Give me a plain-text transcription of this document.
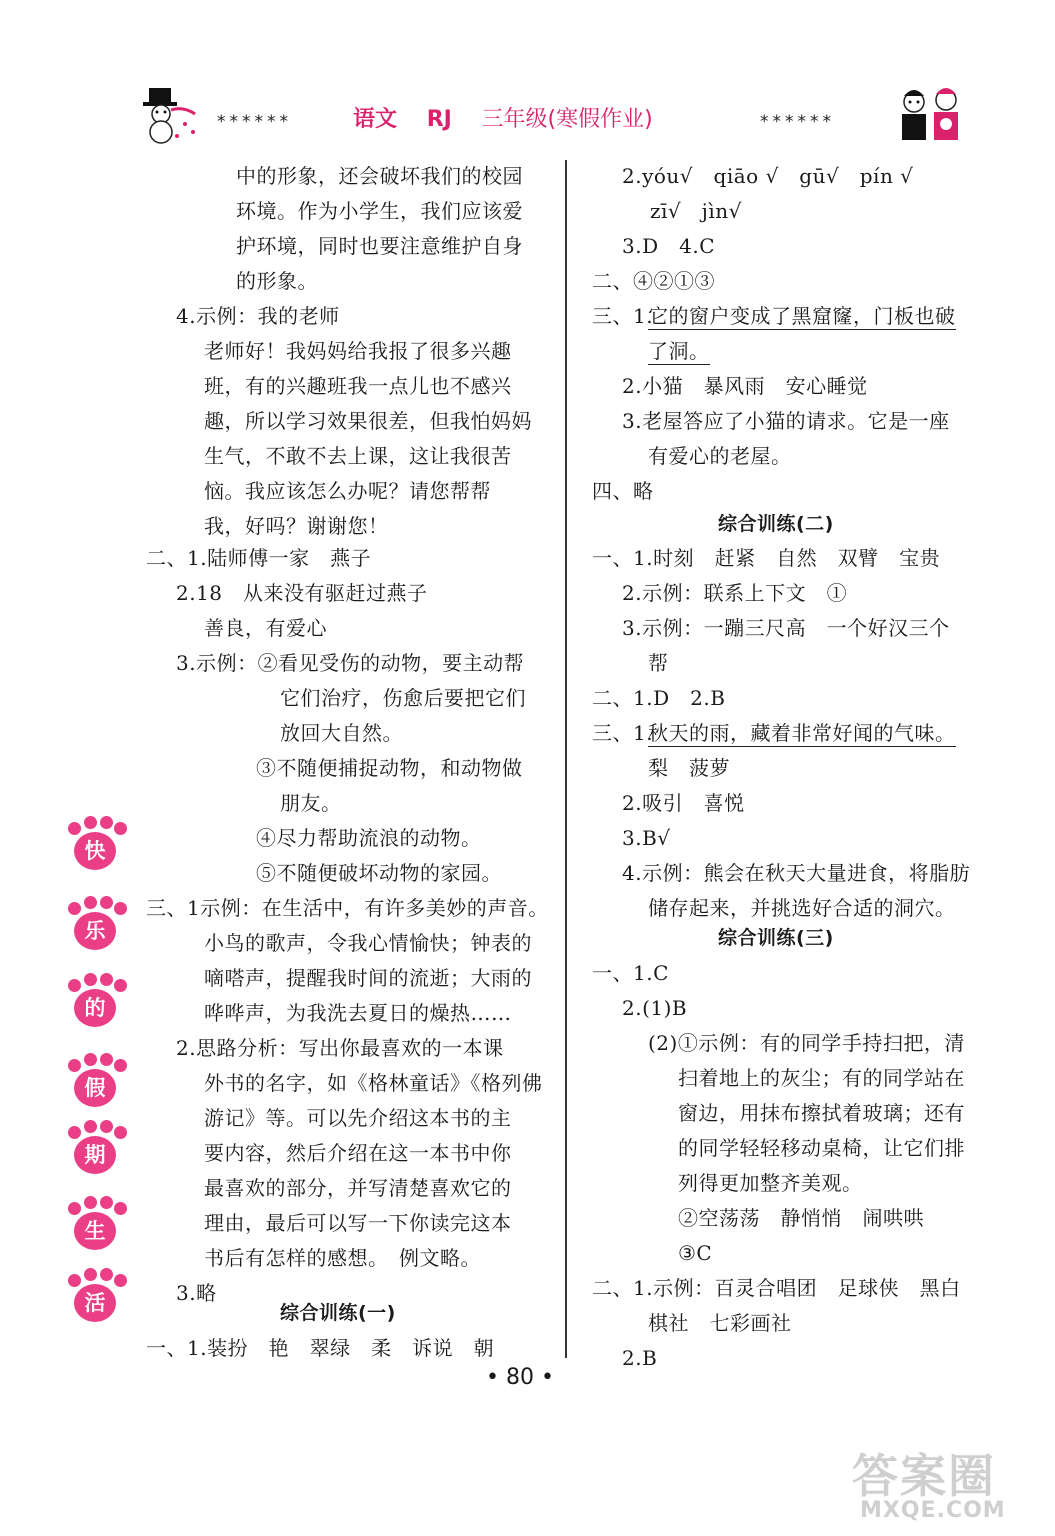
******	语文 RJ 三年级(寒假作业)	******
中的形象，还会破坏我们的校园
环境。作为小学生，我们应该爱
护环境，同时也要注意维护自身
的形象。
4.示例：我的老师
老师好！我妈妈给我报了很多兴趣
班，有的兴趣班我一点儿也不感兴
趣，所以学习效果很差，但我怕妈妈
生气，不敢不去上课，这让我很苦
恼。我应该怎么办呢？请您帮帮
我，好吗？谢谢您！
二、1.陆师傅一家　燕子
2.18　从来没有驱赶过燕子
善良，有爱心
3.示例：②看见受伤的动物，要主动帮
它们治疗，伤愈后要把它们
放回大自然。
③不随便捕捉动物，和动物做
朋友。
④尽力帮助流浪的动物。
⑤不随便破坏动物的家园。
三、1示例：在生活中，有许多美妙的声音。
小鸟的歌声，令我心情愉快；钟表的
嘀嗒声，提醒我时间的流逝；大雨的
哗哗声，为我洗去夏日的燥热……
2.思路分析：写出你最喜欢的一本课
外书的名字，如《格林童话》《格列佛
游记》等。可以先介绍这本书的主
要内容，然后介绍在这一本书中你
最喜欢的部分，并写清楚喜欢它的
理由，最后可以写一下你读完这本
书后有怎样的感想。　例文略。
3.略
综合训练(一)
一、1.装扮　艳　翠绿　柔　诉说　朝
2.yóu√　qiāo √　gū√　pín √
zī√　jìn√
3.D　4.C
二、④②①③
三、1.
它的窗户变成了黑窟窿，门板也破
了洞。
2.小猫　暴风雨　安心睡觉
3.老屋答应了小猫的请求。它是一座
有爱心的老屋。
四、略
综合训练(二)
一、1.时刻　赶紧　自然　双臂　宝贵
2.示例：联系上下文　①
3.示例：一蹦三尺高　一个好汉三个
帮
二、1.D　2.B
三、1.
秋天的雨，藏着非常好闻的气味。
梨　菠萝
2.吸引　喜悦
3.B√
4.示例：熊会在秋天大量进食，将脂肪
储存起来，并挑选好合适的洞穴。
综合训练(三)
一、1.C
2.(1)B
(2)①示例：有的同学手持扫把，清
扫着地上的灰尘；有的同学站在
窗边，用抹布擦拭着玻璃；还有
的同学轻轻移动桌椅，让它们排
列得更加整齐美观。
②空荡荡　静悄悄　闹哄哄
③C
二、1.示例：百灵合唱团　足球侠　黑白
棋社　七彩画社
2.B
快
乐
的
假
期
生
活
• 80 •
答案圈
MXQE.COM
